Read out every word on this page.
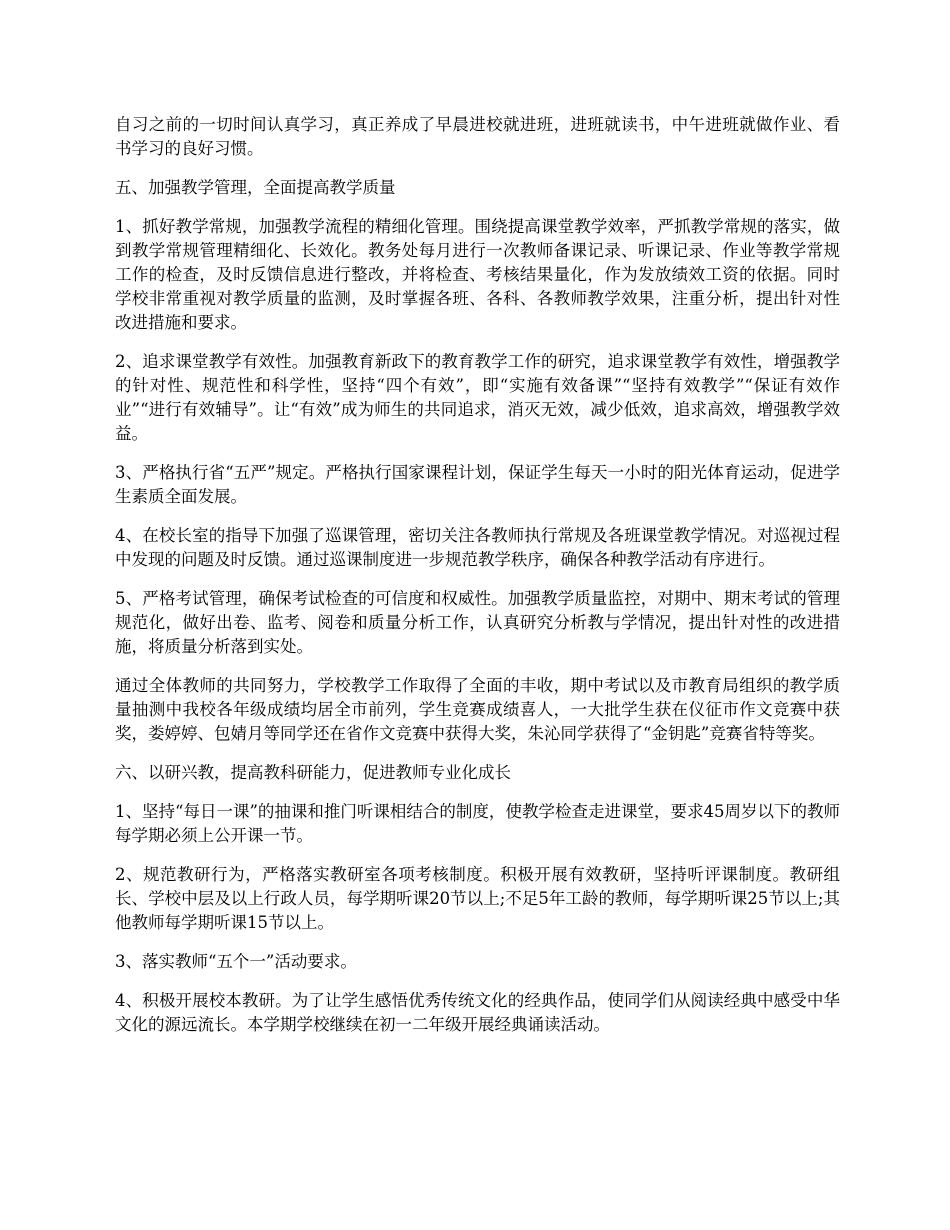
自习之前的一切时间认真学习，真正养成了早晨进校就进班，进班就读书，中午进班就做作业、看书学习的良好习惯。

五、加强教学管理，全面提高教学质量

1、抓好教学常规，加强教学流程的精细化管理。围绕提高课堂教学效率，严抓教学常规的落实，做到教学常规管理精细化、长效化。教务处每月进行一次教师备课记录、听课记录、作业等教学常规工作的检查，及时反馈信息进行整改，并将检查、考核结果量化，作为发放绩效工资的依据。同时学校非常重视对教学质量的监测，及时掌握各班、各科、各教师教学效果，注重分析，提出针对性改进措施和要求。

2、追求课堂教学有效性。加强教育新政下的教育教学工作的研究，追求课堂教学有效性，增强教学的针对性、规范性和科学性，坚持“四个有效”，即“实施有效备课”“坚持有效教学”“保证有效作业”“进行有效辅导”。让“有效”成为师生的共同追求，消灭无效，减少低效，追求高效，增强教学效益。

3、严格执行省“五严”规定。严格执行国家课程计划，保证学生每天一小时的阳光体育运动，促进学生素质全面发展。

4、在校长室的指导下加强了巡课管理，密切关注各教师执行常规及各班课堂教学情况。对巡视过程中发现的问题及时反馈。通过巡课制度进一步规范教学秩序，确保各种教学活动有序进行。

5、严格考试管理，确保考试检查的可信度和权威性。加强教学质量监控，对期中、期末考试的管理规范化，做好出卷、监考、阅卷和质量分析工作，认真研究分析教与学情况，提出针对性的改进措施，将质量分析落到实处。

通过全体教师的共同努力，学校教学工作取得了全面的丰收，期中考试以及市教育局组织的教学质量抽测中我校各年级成绩均居全市前列，学生竞赛成绩喜人，一大批学生获在仪征市作文竞赛中获奖，娄婷婷、包婧月等同学还在省作文竞赛中获得大奖，朱沁同学获得了“金钥匙”竞赛省特等奖。

六、以研兴教，提高教科研能力，促进教师专业化成长

1、坚持“每日一课”的抽课和推门听课相结合的制度，使教学检查走进课堂，要求45周岁以下的教师每学期必须上公开课一节。

2、规范教研行为，严格落实教研室各项考核制度。积极开展有效教研，坚持听评课制度。教研组长、学校中层及以上行政人员，每学期听课20节以上;不足5年工龄的教师，每学期听课25节以上;其他教师每学期听课15节以上。

3、落实教师“五个一”活动要求。

4、积极开展校本教研。为了让学生感悟优秀传统文化的经典作品，使同学们从阅读经典中感受中华文化的源远流长。本学期学校继续在初一二年级开展经典诵读活动。
